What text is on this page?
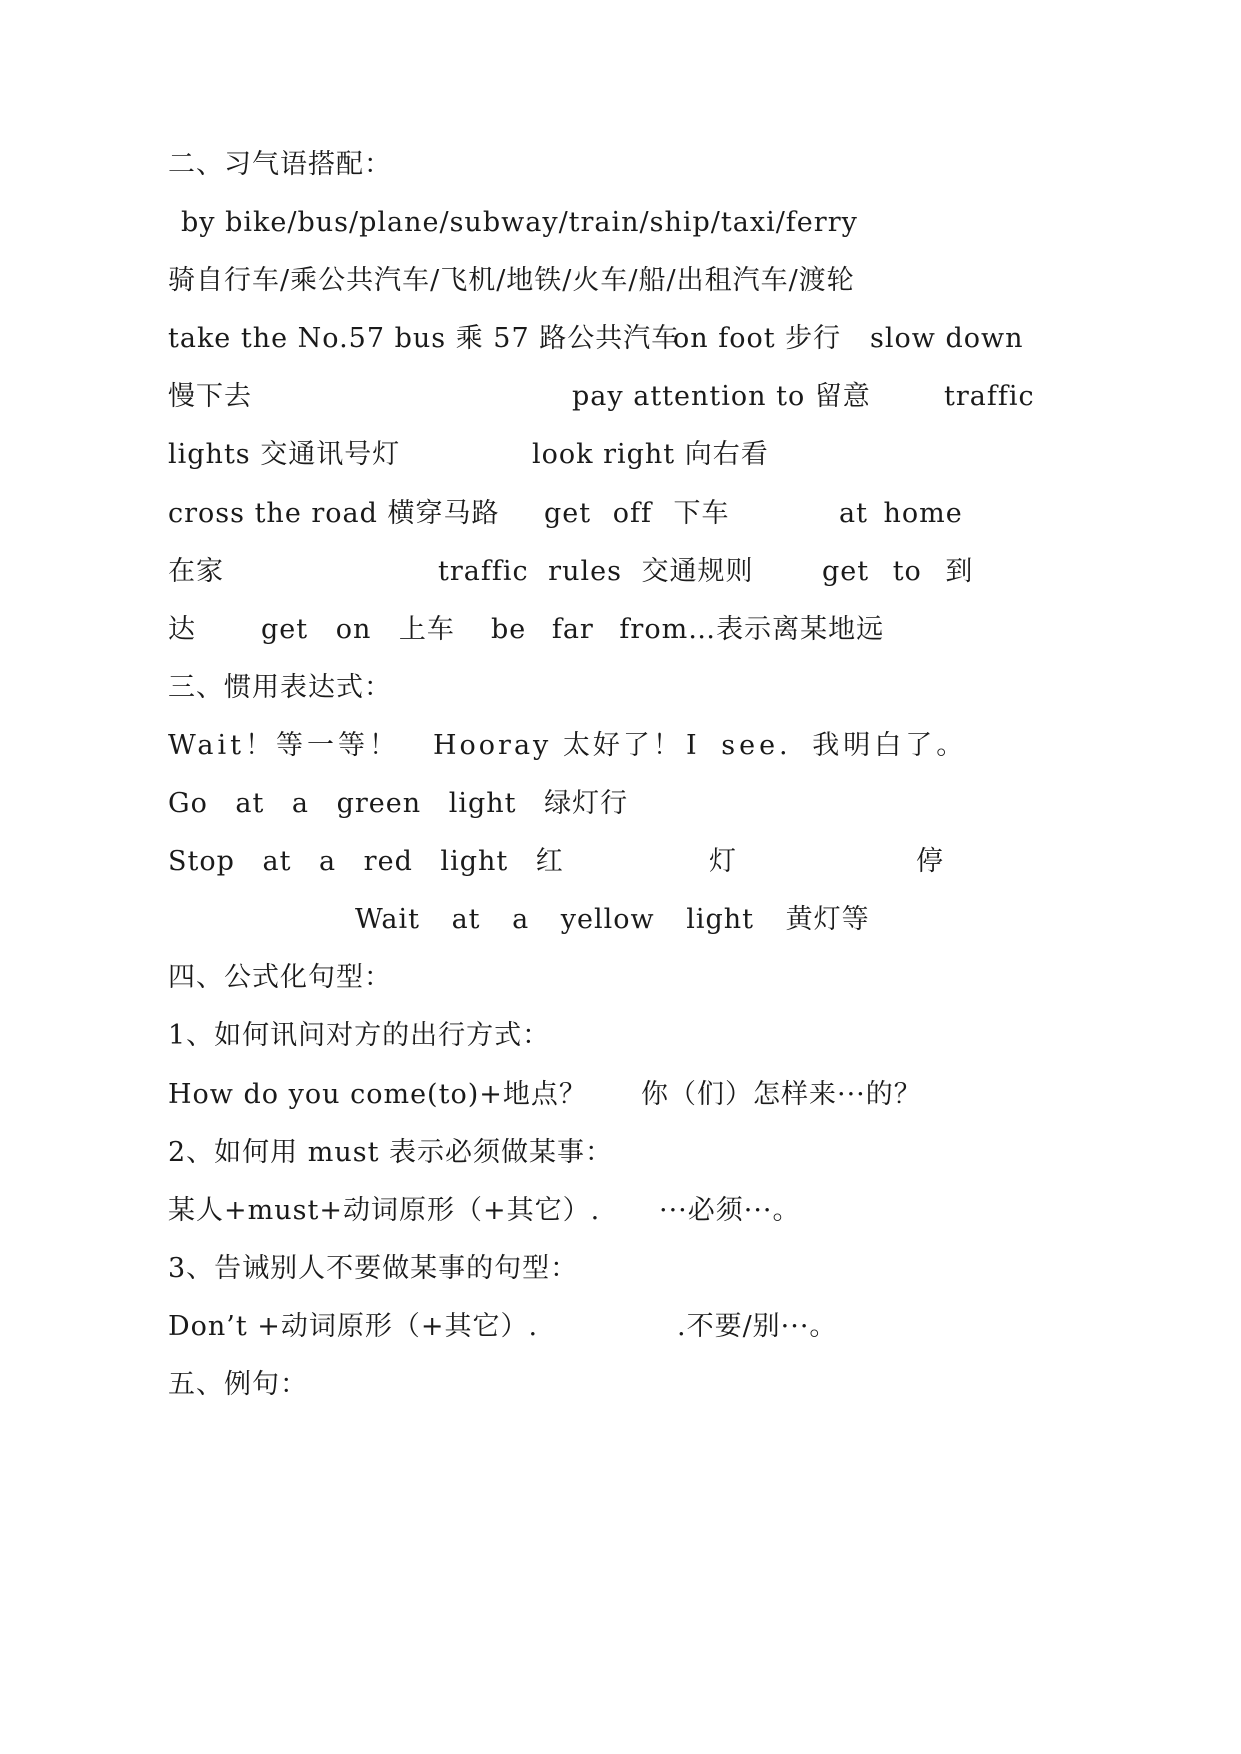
二、习气语搭配：
by bike/bus/plane/subway/train/ship/taxi/ferry
骑自行车/乘公共汽车/飞机/地铁/火车/船/出租汽车/渡轮
take the No.57 bus 乘 57 路公共汽车
on foot 步行 slow down
慢下去	pay attention to 留意	traffic
lights 交通讯号灯	look right 向右看
cross the road 横穿马路 get off 下车	at home
在家	traffic rules 交通规则	get to 到
达 get on 上车 be far from…表示离某地远
三、惯用表达式：
Wait！等一等！ Hooray 太好了！ I see. 我明白了。
Go at a green light 绿灯行
Stop at a red light 红	灯	停
Wait at a yellow light 黄灯等
四、公式化句型：
1、如何讯问对方的出行方式：
How do you come(to)+地点？ 你（们）怎样来···的？
2、如何用 must 表示必须做某事：
某人+must+动词原形（+其它）. ···必须···。
3、告诫别人不要做某事的句型：
Don’t +动词原形（+其它）.	.不要/别···。
五、例句：
